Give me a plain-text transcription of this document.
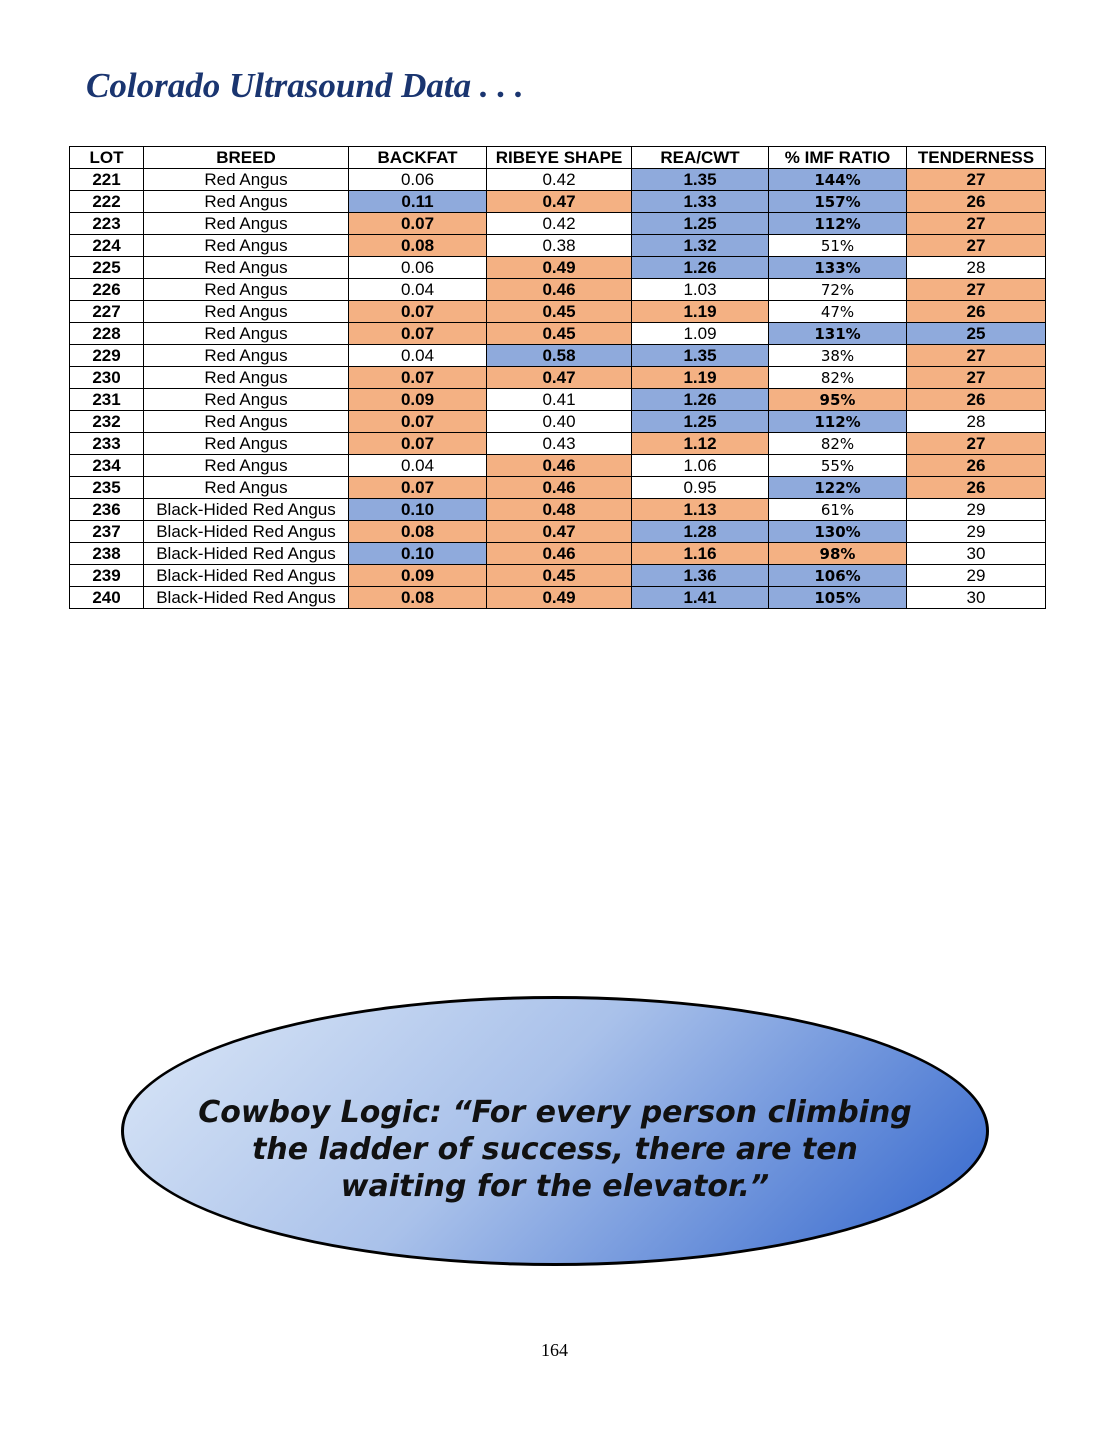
Colorado Ultrasound Data . . .
LOT	BREED	BACKFAT	RIBEYE SHAPE	REA/CWT	% IMF RATIO	TENDERNESS
221	Red Angus	0.06	0.42	1.35	144%	27
222	Red Angus	0.11	0.47	1.33	157%	26
223	Red Angus	0.07	0.42	1.25	112%	27
224	Red Angus	0.08	0.38	1.32	51%	27
225	Red Angus	0.06	0.49	1.26	133%	28
226	Red Angus	0.04	0.46	1.03	72%	27
227	Red Angus	0.07	0.45	1.19	47%	26
228	Red Angus	0.07	0.45	1.09	131%	25
229	Red Angus	0.04	0.58	1.35	38%	27
230	Red Angus	0.07	0.47	1.19	82%	27
231	Red Angus	0.09	0.41	1.26	95%	26
232	Red Angus	0.07	0.40	1.25	112%	28
233	Red Angus	0.07	0.43	1.12	82%	27
234	Red Angus	0.04	0.46	1.06	55%	26
235	Red Angus	0.07	0.46	0.95	122%	26
236	Black-Hided Red Angus	0.10	0.48	1.13	61%	29
237	Black-Hided Red Angus	0.08	0.47	1.28	130%	29
238	Black-Hided Red Angus	0.10	0.46	1.16	98%	30
239	Black-Hided Red Angus	0.09	0.45	1.36	106%	29
240	Black-Hided Red Angus	0.08	0.49	1.41	105%	30

Cowboy Logic: “For every person climbing
the ladder of success, there are ten
waiting for the elevator.”

164
